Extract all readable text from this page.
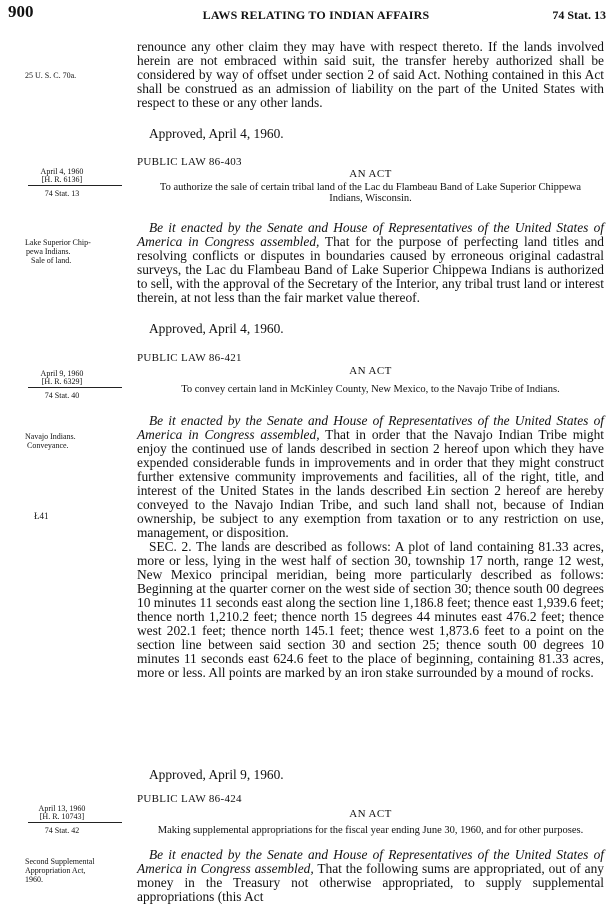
900	LAWS RELATING TO INDIAN AFFAIRS	74 Stat. 13
25 U. S. C. 70a.

renounce any other claim they may have with respect thereto. If the lands involved herein are not embraced within said suit, the transfer hereby authorized shall be considered by way of offset under section 2 of said Act. Nothing contained in this Act shall be construed as an admission of liability on the part of the United States with respect to these or any other lands.

Approved, April 4, 1960.
April 4, 1960
[H. R. 6136]
74 Stat. 13
PUBLIC LAW 86-403
AN ACT
To authorize the sale of certain tribal land of the Lac du Flambeau Band of Lake Superior Chippewa Indians, Wisconsin.
Lake Superior Chip-
pewa Indians.
Sale of land.

Be it enacted by the Senate and House of Representatives of the United States of America in Congress assembled, That for the purpose of perfecting land titles and resolving conflicts or disputes in boundaries caused by erroneous original cadastral surveys, the Lac du Flambeau Band of Lake Superior Chippewa Indians is authorized to sell, with the approval of the Secretary of the Interior, any tribal trust land or interest therein, at not less than the fair market value thereof.

Approved, April 4, 1960.
April 9, 1960
[H. R. 6329]
74 Stat. 40
PUBLIC LAW 86-421
AN ACT
To convey certain land in McKinley County, New Mexico, to the Navajo Tribe of Indians.
Navajo Indians.
Conveyance.
Ł41

Be it enacted by the Senate and House of Representatives of the United States of America in Congress assembled, That in order that the Navajo Indian Tribe might enjoy the continued use of lands described in section 2 hereof upon which they have expended considerable funds in improvements and in order that they might construct further extensive community improvements and facilities, all of the right, title, and interest of the United States in the lands described Łin section 2 hereof are hereby conveyed to the Navajo Indian Tribe, and such land shall not, because of Indian ownership, be subject to any exemption from taxation or to any restriction on use, management, or disposition.

SEC. 2. The lands are described as follows: A plot of land containing 81.33 acres, more or less, lying in the west half of section 30, township 17 north, range 12 west, New Mexico principal meridian, being more particularly described as follows: Beginning at the quarter corner on the west side of section 30; thence south 00 degrees 10 minutes 11 seconds east along the section line 1,186.8 feet; thence east 1,939.6 feet; thence north 1,210.2 feet; thence north 15 degrees 44 minutes east 476.2 feet; thence west 202.1 feet; thence north 145.1 feet; thence west 1,873.6 feet to a point on the section line between said section 30 and section 25; thence south 00 degrees 10 minutes 11 seconds east 624.6 feet to the place of beginning, containing 81.33 acres, more or less. All points are marked by an iron stake surrounded by a mound of rocks.

Approved, April 9, 1960.
April 13, 1960
[H. R. 10743]
74 Stat. 42
PUBLIC LAW 86-424
AN ACT
Making supplemental appropriations for the fiscal year ending June 30, 1960, and for other purposes.
Second Supplemental
Appropriation Act,
1960.

Be it enacted by the Senate and House of Representatives of the United States of America in Congress assembled, That the following sums are appropriated, out of any money in the Treasury not otherwise appropriated, to supply supplemental appropriations (this Act
